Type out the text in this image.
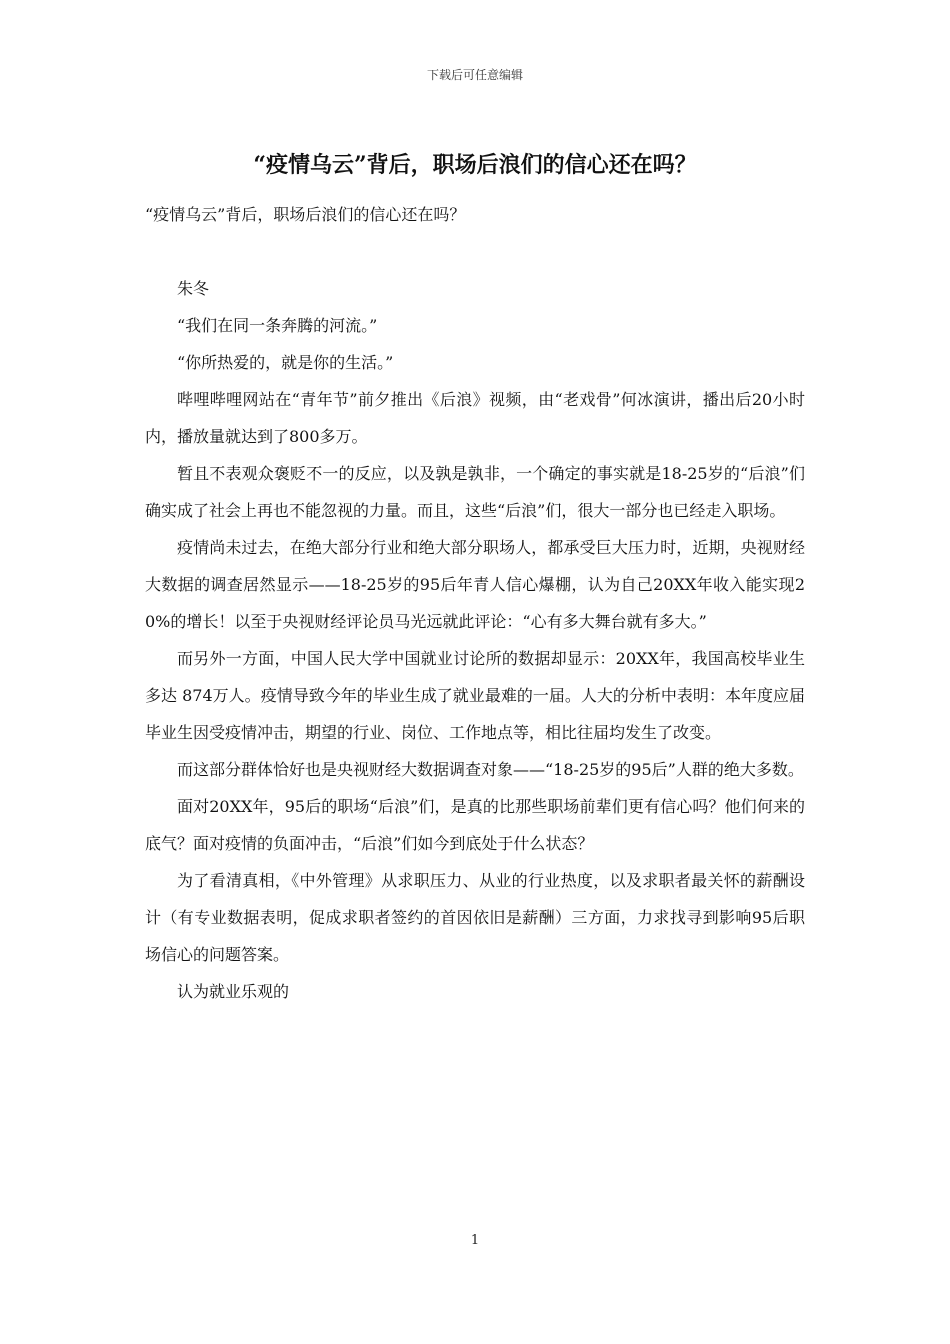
下载后可任意编辑
“疫情乌云”背后，职场后浪们的信心还在吗？

“疫情乌云”背后，职场后浪们的信心还在吗？

朱冬

“我们在同一条奔腾的河流。”

“你所热爱的，就是你的生活。”

哔哩哔哩网站在“青年节”前夕推出《后浪》视频，由“老戏骨”何冰演讲，播出后20小时内，播放量就达到了800多万。

暂且不表观众褒贬不一的反应，以及孰是孰非，一个确定的事实就是18-25岁的“后浪”们确实成了社会上再也不能忽视的力量。而且，这些“后浪”们，很大一部分也已经走入职场。

疫情尚未过去，在绝大部分行业和绝大部分职场人，都承受巨大压力时，近期，央视财经大数据的调查居然显示——18-25岁的95后年青人信心爆棚，认为自己20XX年收入能实现20%的增长！以至于央视财经评论员马光远就此评论：“心有多大舞台就有多大。”

而另外一方面，中国人民大学中国就业讨论所的数据却显示：20XX年，我国高校毕业生多达 874万人。疫情导致今年的毕业生成了就业最难的一届。人大的分析中表明：本年度应届毕业生因受疫情冲击，期望的行业、岗位、工作地点等，相比往届均发生了改变。

而这部分群体恰好也是央视财经大数据调查对象——“18-25岁的95后”人群的绝大多数。

面对20XX年，95后的职场“后浪”们，是真的比那些职场前辈们更有信心吗？他们何来的底气？面对疫情的负面冲击，“后浪”们如今到底处于什么状态？

为了看清真相，《中外管理》从求职压力、从业的行业热度，以及求职者最关怀的薪酬设计（有专业数据表明，促成求职者签约的首因依旧是薪酬）三方面，力求找寻到影响95后职场信心的问题答案。

认为就业乐观的

1
